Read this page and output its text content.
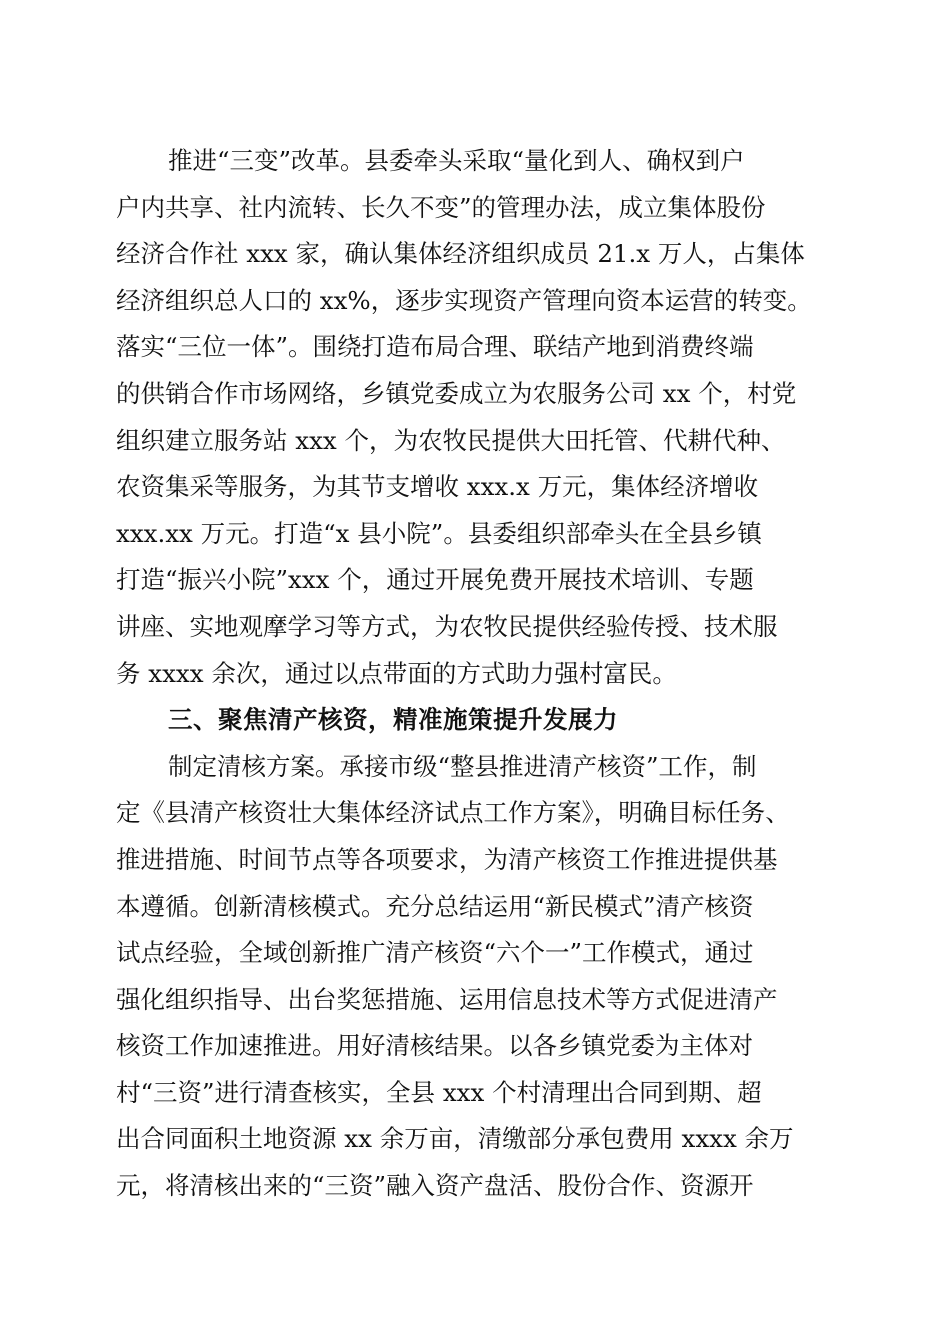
推进“三变”改革。县委牵头采取“量化到人、确权到户
户内共享、社内流转、长久不变”的管理办法，成立集体股份
经济合作社 xxx 家，确认集体经济组织成员 21.x 万人，占集体
经济组织总人口的 xx%，逐步实现资产管理向资本运营的转变。
落实“三位一体”。围绕打造布局合理、联结产地到消费终端
的供销合作市场网络，乡镇党委成立为农服务公司 xx 个，村党
组织建立服务站 xxx 个，为农牧民提供大田托管、代耕代种、
农资集采等服务，为其节支增收 xxx.x 万元，集体经济增收
xxx.xx 万元。打造“x 县小院”。县委组织部牵头在全县乡镇
打造“振兴小院”xxx 个，通过开展免费开展技术培训、专题
讲座、实地观摩学习等方式，为农牧民提供经验传授、技术服
务 xxxx 余次，通过以点带面的方式助力强村富民。
三、聚焦清产核资，精准施策提升发展力
制定清核方案。承接市级“整县推进清产核资”工作，制
定《县清产核资壮大集体经济试点工作方案》，明确目标任务、
推进措施、时间节点等各项要求，为清产核资工作推进提供基
本遵循。创新清核模式。充分总结运用“新民模式”清产核资
试点经验，全域创新推广清产核资“六个一”工作模式，通过
强化组织指导、出台奖惩措施、运用信息技术等方式促进清产
核资工作加速推进。用好清核结果。以各乡镇党委为主体对
村“三资”进行清查核实，全县 xxx 个村清理出合同到期、超
出合同面积土地资源 xx 余万亩，清缴部分承包费用 xxxx 余万
元，将清核出来的“三资”融入资产盘活、股份合作、资源开
